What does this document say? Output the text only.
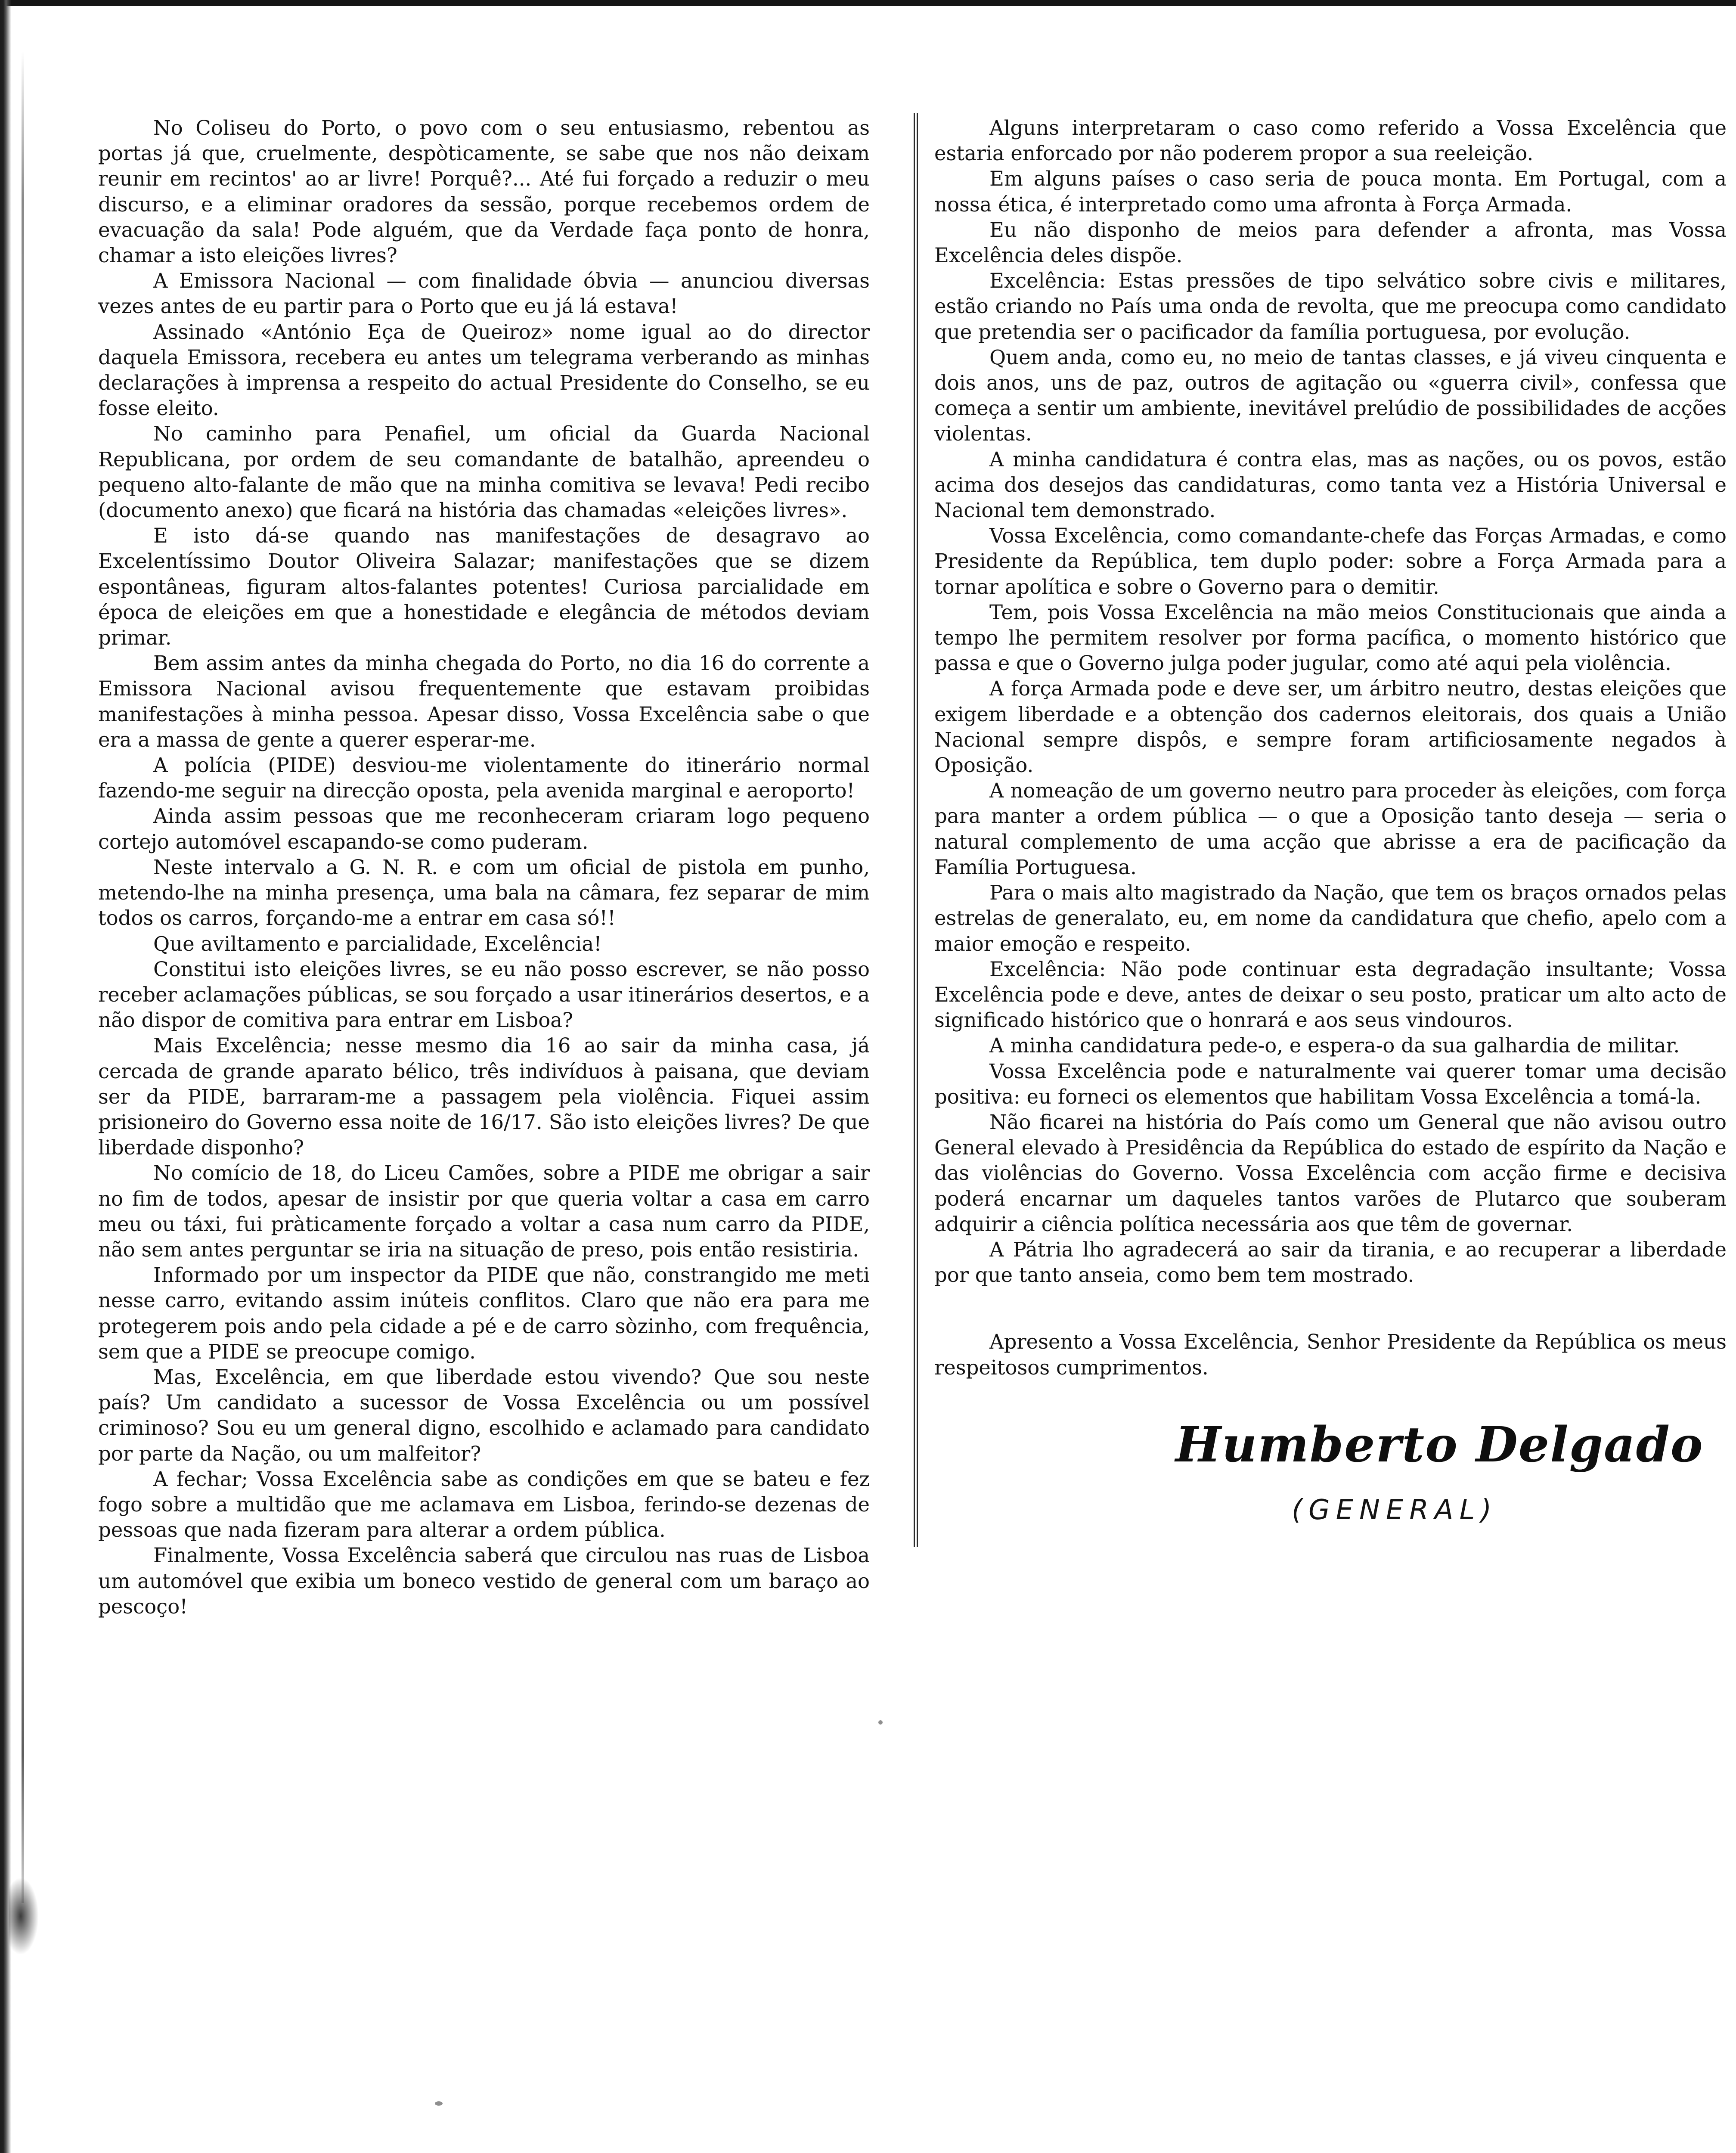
No Coliseu do Porto, o povo com o seu entusiasmo, rebentou as portas já que, cruelmente, despòticamente, se sabe que nos não deixam reunir em recintos' ao ar livre! Porquê?... Até fui forçado a reduzir o meu discurso, e a eliminar oradores da sessão, porque recebemos ordem de evacuação da sala! Pode alguém, que da Verdade faça ponto de honra, chamar a isto eleições livres?

A Emissora Nacional — com finalidade óbvia — anunciou diversas vezes antes de eu partir para o Porto que eu já lá estava!

Assinado «António Eça de Queiroz» nome igual ao do director daquela Emissora, recebera eu antes um telegrama verberando as minhas declarações à imprensa a respeito do actual Presidente do Conselho, se eu fosse eleito.

No caminho para Penafiel, um oficial da Guarda Nacional Republicana, por ordem de seu comandante de batalhão, apreendeu o pequeno alto-falante de mão que na minha comitiva se levava! Pedi recibo (documento anexo) que ficará na história das chamadas «eleições livres».

E isto dá-se quando nas manifestações de desagravo ao Excelentíssimo Doutor Oliveira Salazar; manifestações que se dizem espontâneas, figuram altos-falantes potentes! Curiosa parcialidade em época de eleições em que a honestidade e elegância de métodos deviam primar.

Bem assim antes da minha chegada do Porto, no dia 16 do corrente a Emissora Nacional avisou frequentemente que estavam proibidas manifestações à minha pessoa. Apesar disso, Vossa Excelência sabe o que era a massa de gente a querer esperar-me.

A polícia (PIDE) desviou-me violentamente do itinerário normal fazendo-me seguir na direcção oposta, pela avenida marginal e aeroporto!

Ainda assim pessoas que me reconheceram criaram logo pequeno cortejo automóvel escapando-se como puderam.

Neste intervalo a G. N. R. e com um oficial de pistola em punho, metendo-lhe na minha presença, uma bala na câmara, fez separar de mim todos os carros, forçando-me a entrar em casa só!!

Que aviltamento e parcialidade, Excelência!

Constitui isto eleições livres, se eu não posso escrever, se não posso receber aclamações públicas, se sou forçado a usar itinerários desertos, e a não dispor de comitiva para entrar em Lisboa?

Mais Excelência; nesse mesmo dia 16 ao sair da minha casa, já cercada de grande aparato bélico, três indivíduos à paisana, que deviam ser da PIDE, barraram-me a passagem pela violência. Fiquei assim prisioneiro do Governo essa noite de 16/17. São isto eleições livres? De que liberdade disponho?

No comício de 18, do Liceu Camões, sobre a PIDE me obrigar a sair no fim de todos, apesar de insistir por que queria voltar a casa em carro meu ou táxi, fui pràticamente forçado a voltar a casa num carro da PIDE, não sem antes perguntar se iria na situação de preso, pois então resistiria.

Informado por um inspector da PIDE que não, constrangido me meti nesse carro, evitando assim inúteis conflitos. Claro que não era para me protegerem pois ando pela cidade a pé e de carro sòzinho, com frequência, sem que a PIDE se preocupe comigo.

Mas, Excelência, em que liberdade estou vivendo? Que sou neste país? Um candidato a sucessor de Vossa Excelência ou um possível criminoso? Sou eu um general digno, escolhido e aclamado para candidato por parte da Nação, ou um malfeitor?

A fechar; Vossa Excelência sabe as condições em que se bateu e fez fogo sobre a multidão que me aclamava em Lisboa, ferindo-se dezenas de pessoas que nada fizeram para alterar a ordem pública.

Finalmente, Vossa Excelência saberá que circulou nas ruas de Lisboa um automóvel que exibia um boneco vestido de general com um baraço ao pescoço!

Alguns interpretaram o caso como referido a Vossa Excelência que estaria enforcado por não poderem propor a sua reeleição.

Em alguns países o caso seria de pouca monta. Em Portugal, com a nossa ética, é interpretado como uma afronta à Força Armada.

Eu não disponho de meios para defender a afronta, mas Vossa Excelência deles dispõe.

Excelência: Estas pressões de tipo selvático sobre civis e militares, estão criando no País uma onda de revolta, que me preocupa como candidato que pretendia ser o pacificador da família portuguesa, por evolução.

Quem anda, como eu, no meio de tantas classes, e já viveu cinquenta e dois anos, uns de paz, outros de agitação ou «guerra civil», confessa que começa a sentir um ambiente, inevitável prelúdio de possibilidades de acções violentas.

A minha candidatura é contra elas, mas as nações, ou os povos, estão acima dos desejos das candidaturas, como tanta vez a História Universal e Nacional tem demonstrado.

Vossa Excelência, como comandante-chefe das Forças Armadas, e como Presidente da República, tem duplo poder: sobre a Força Armada para a tornar apolítica e sobre o Governo para o demitir.

Tem, pois Vossa Excelência na mão meios Constitucionais que ainda a tempo lhe permitem resolver por forma pacífica, o momento histórico que passa e que o Governo julga poder jugular, como até aqui pela violência.

A força Armada pode e deve ser, um árbitro neutro, destas eleições que exigem liberdade e a obtenção dos cadernos eleitorais, dos quais a União Nacional sempre dispôs, e sempre foram artificiosamente negados à Oposição.

A nomeação de um governo neutro para proceder às eleições, com força para manter a ordem pública — o que a Oposição tanto deseja — seria o natural complemento de uma acção que abrisse a era de pacificação da Família Portuguesa.

Para o mais alto magistrado da Nação, que tem os braços ornados pelas estrelas de generalato, eu, em nome da candidatura que chefio, apelo com a maior emoção e respeito.

Excelência: Não pode continuar esta degradação insultante; Vossa Excelência pode e deve, antes de deixar o seu posto, praticar um alto acto de significado histórico que o honrará e aos seus vindouros.

A minha candidatura pede-o, e espera-o da sua galhardia de militar.

Vossa Excelência pode e naturalmente vai querer tomar uma decisão positiva: eu forneci os elementos que habilitam Vossa Excelência a tomá-la.

Não ficarei na história do País como um General que não avisou outro General elevado à Presidência da República do estado de espírito da Nação e das violências do Governo. Vossa Excelência com acção firme e decisiva poderá encarnar um daqueles tantos varões de Plutarco que souberam adquirir a ciência política necessária aos que têm de governar.

A Pátria lho agradecerá ao sair da tirania, e ao recuperar a liberdade por que tanto anseia, como bem tem mostrado.

Apresento a Vossa Excelência, Senhor Presidente da República os meus respeitosos cumprimentos.

Humberto Delgado
(GENERAL)
